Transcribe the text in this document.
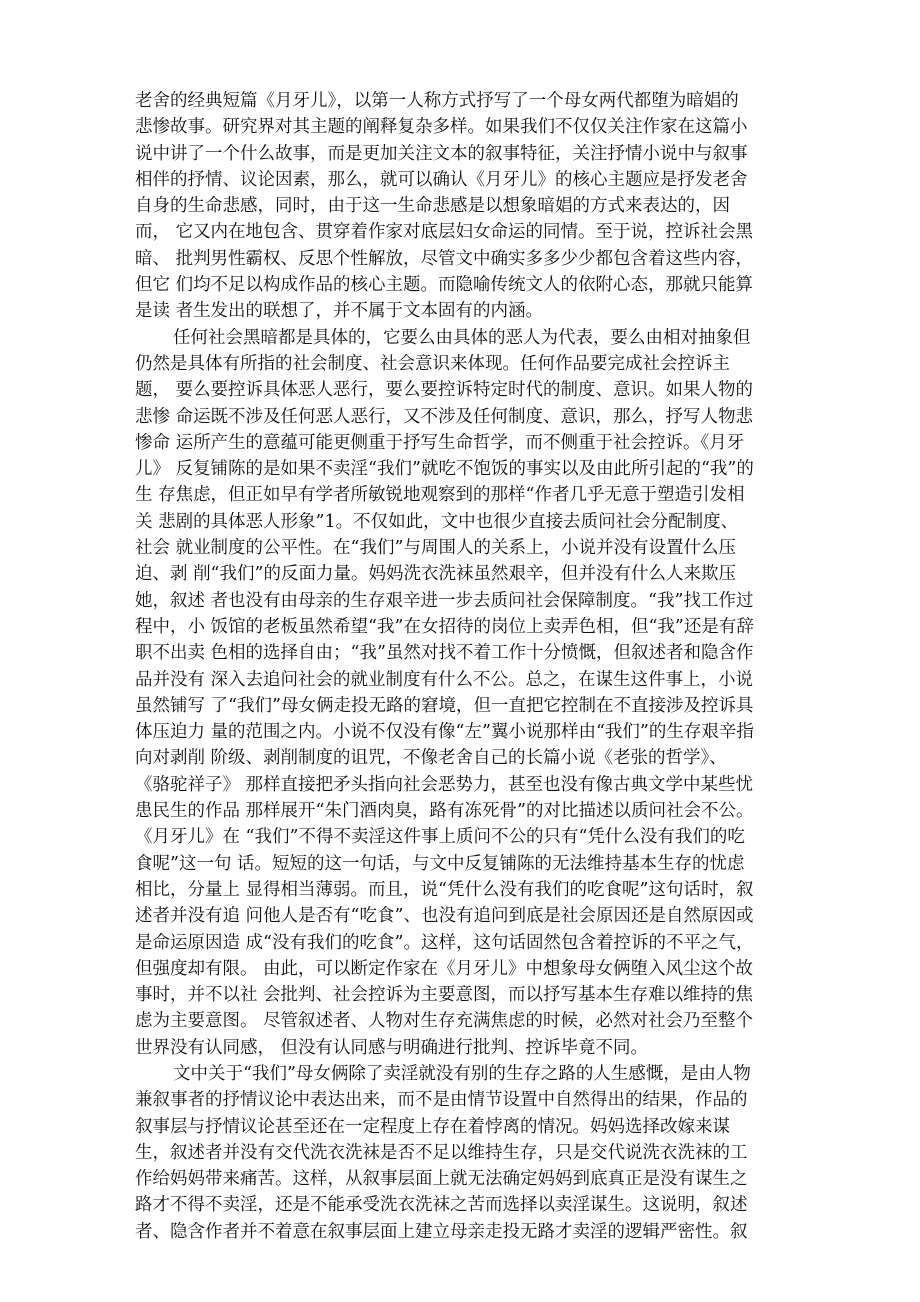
老舍的经典短篇《月牙儿》，以第一人称方式抒写了一个母女两代都堕为暗娼的
悲惨故事。研究界对其主题的阐释复杂多样。如果我们不仅仅关注作家在这篇小
说中讲了一个什么故事，而是更加关注文本的叙事特征，关注抒情小说中与叙事
相伴的抒情、议论因素，那么，就可以确认《月牙儿》的核心主题应是抒发老舍
自身的生命悲感，同时，由于这一生命悲感是以想象暗娼的方式来表达的，因
而， 它又内在地包含、贯穿着作家对底层妇女命运的同情。至于说，控诉社会黑
暗、 批判男性霸权、反思个性解放，尽管文中确实多多少少都包含着这些内容，
但它 们均不足以构成作品的核心主题。而隐喻传统文人的依附心态，那就只能算
是读 者生发出的联想了，并不属于文本固有的内涵。
任何社会黑暗都是具体的，它要么由具体的恶人为代表，要么由相对抽象但
仍然是具体有所指的社会制度、社会意识来体现。任何作品要完成社会控诉主
题， 要么要控诉具体恶人恶行，要么要控诉特定时代的制度、意识。如果人物的
悲惨 命运既不涉及任何恶人恶行，又不涉及任何制度、意识，那么，抒写人物悲
惨命 运所产生的意蕴可能更侧重于抒写生命哲学，而不侧重于社会控诉。《月牙
儿》 反复铺陈的是如果不卖淫“我们”就吃不饱饭的事实以及由此所引起的“我”的
生 存焦虑，但正如早有学者所敏锐地观察到的那样“作者几乎无意于塑造引发相
关 悲剧的具体恶人形象”1。不仅如此，文中也很少直接去质问社会分配制度、
社会 就业制度的公平性。在“我们”与周围人的关系上，小说并没有设置什么压
迫、剥 削“我们”的反面力量。妈妈洗衣洗袜虽然艰辛，但并没有什么人来欺压
她，叙述 者也没有由母亲的生存艰辛进一步去质问社会保障制度。“我”找工作过
程中，小 饭馆的老板虽然希望“我”在女招待的岗位上卖弄色相，但“我”还是有辞
职不出卖 色相的选择自由；“我”虽然对找不着工作十分愤慨，但叙述者和隐含作
品并没有 深入去追问社会的就业制度有什么不公。总之，在谋生这件事上，小说
虽然铺写 了“我们”母女俩走投无路的窘境，但一直把它控制在不直接涉及控诉具
体压迫力 量的范围之内。小说不仅没有像“左”翼小说那样由“我们”的生存艰辛指
向对剥削 阶级、剥削制度的诅咒，不像老舍自己的长篇小说《老张的哲学》、
《骆驼祥子》 那样直接把矛头指向社会恶势力，甚至也没有像古典文学中某些忧
患民生的作品 那样展开“朱门酒肉臭，路有冻死骨”的对比描述以质问社会不公。
《月牙儿》在 “我们”不得不卖淫这件事上质问不公的只有“凭什么没有我们的吃
食呢”这一句 话。短短的这一句话，与文中反复铺陈的无法维持基本生存的忧虑
相比，分量上 显得相当薄弱。而且，说“凭什么没有我们的吃食呢”这句话时，叙
述者并没有追 问他人是否有“吃食”、也没有追问到底是社会原因还是自然原因或
是命运原因造 成“没有我们的吃食”。这样，这句话固然包含着控诉的不平之气，
但强度却有限。 由此，可以断定作家在《月牙儿》中想象母女俩堕入风尘这个故
事时，并不以社 会批判、社会控诉为主要意图，而以抒写基本生存难以维持的焦
虑为主要意图。 尽管叙述者、人物对生存充满焦虑的时候，必然对社会乃至整个
世界没有认同感， 但没有认同感与明确进行批判、控诉毕竟不同。
文中关于“我们”母女俩除了卖淫就没有别的生存之路的人生感慨，是由人物
兼叙事者的抒情议论中表达出来，而不是由情节设置中自然得出的结果，作品的
叙事层与抒情议论甚至还在一定程度上存在着悖离的情况。妈妈选择改嫁来谋
生，叙述者并没有交代洗衣洗袜是否不足以维持生存，只是交代说洗衣洗袜的工
作给妈妈带来痛苦。这样，从叙事层面上就无法确定妈妈到底真正是没有谋生之
路才不得不卖淫，还是不能承受洗衣洗袜之苦而选择以卖淫谋生。这说明，叙述
者、隐含作者并不着意在叙事层面上建立母亲走投无路才卖淫的逻辑严密性。叙
